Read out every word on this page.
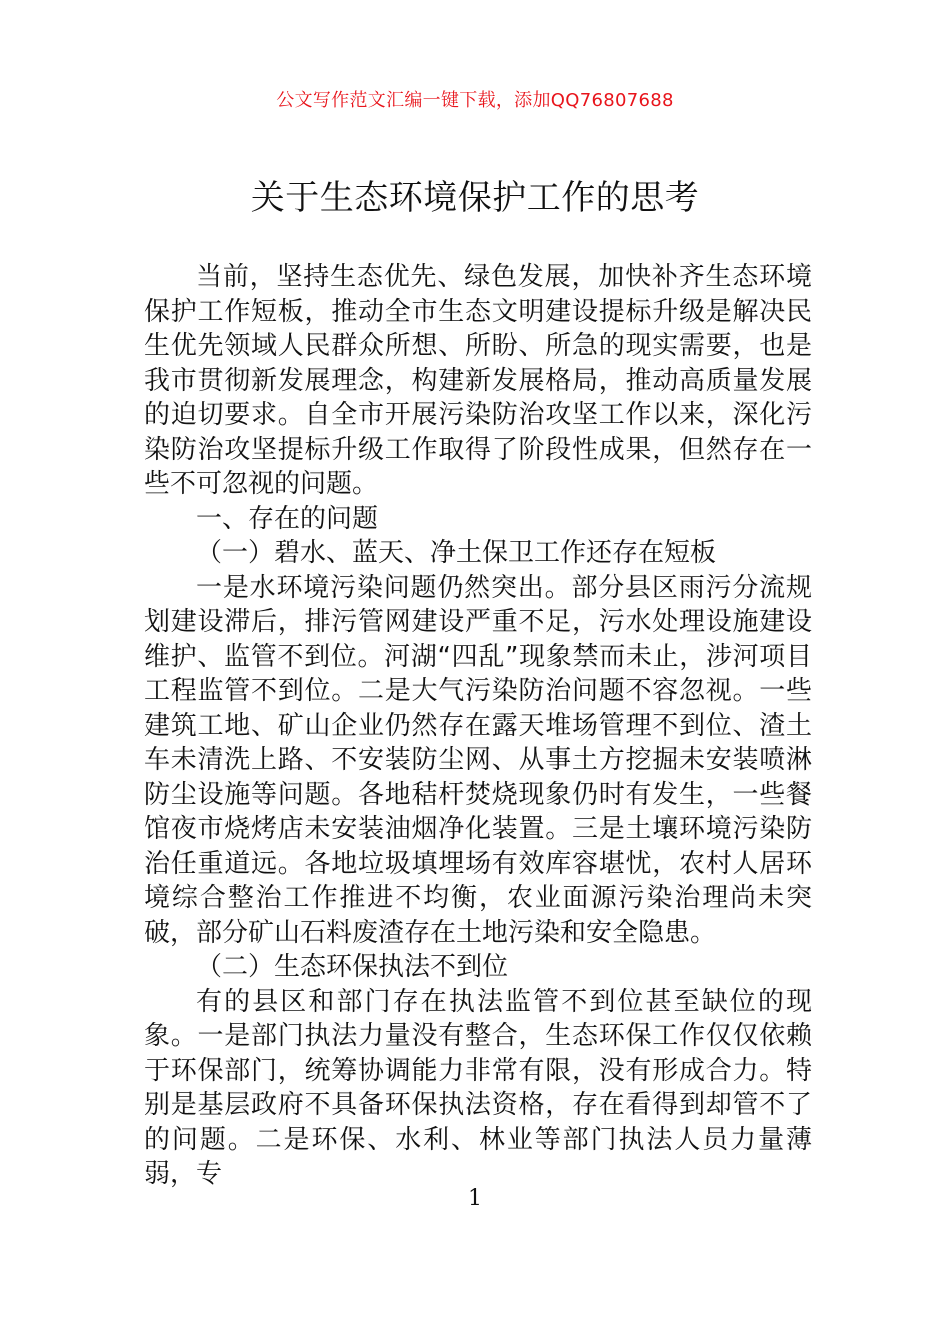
公文写作范文汇编一键下载，添加QQ76807688
关于生态环境保护工作的思考

当前，坚持生态优先、绿色发展，加快补齐生态环境保护工作短板，推动全市生态文明建设提标升级是解决民生优先领域人民群众所想、所盼、所急的现实需要，也是我市贯彻新发展理念，构建新发展格局，推动高质量发展的迫切要求。自全市开展污染防治攻坚工作以来，深化污染防治攻坚提标升级工作取得了阶段性成果，但然存在一些不可忽视的问题。

一、存在的问题

（一）碧水、蓝天、净土保卫工作还存在短板

一是水环境污染问题仍然突出。部分县区雨污分流规划建设滞后，排污管网建设严重不足，污水处理设施建设维护、监管不到位。河湖“四乱”现象禁而未止，涉河项目工程监管不到位。二是大气污染防治问题不容忽视。一些建筑工地、矿山企业仍然存在露天堆场管理不到位、渣土车未清洗上路、不安装防尘网、从事土方挖掘未安装喷淋防尘设施等问题。各地秸杆焚烧现象仍时有发生，一些餐馆夜市烧烤店未安装油烟净化装置。三是土壤环境污染防治任重道远。各地垃圾填埋场有效库容堪忧，农村人居环境综合整治工作推进不均衡，农业面源污染治理尚未突破，部分矿山石料废渣存在土地污染和安全隐患。

（二）生态环保执法不到位

有的县区和部门存在执法监管不到位甚至缺位的现象。一是部门执法力量没有整合，生态环保工作仅仅依赖于环保部门，统筹协调能力非常有限，没有形成合力。特别是基层政府不具备环保执法资格，存在看得到却管不了的问题。二是环保、水利、林业等部门执法人员力量薄弱，专

1
